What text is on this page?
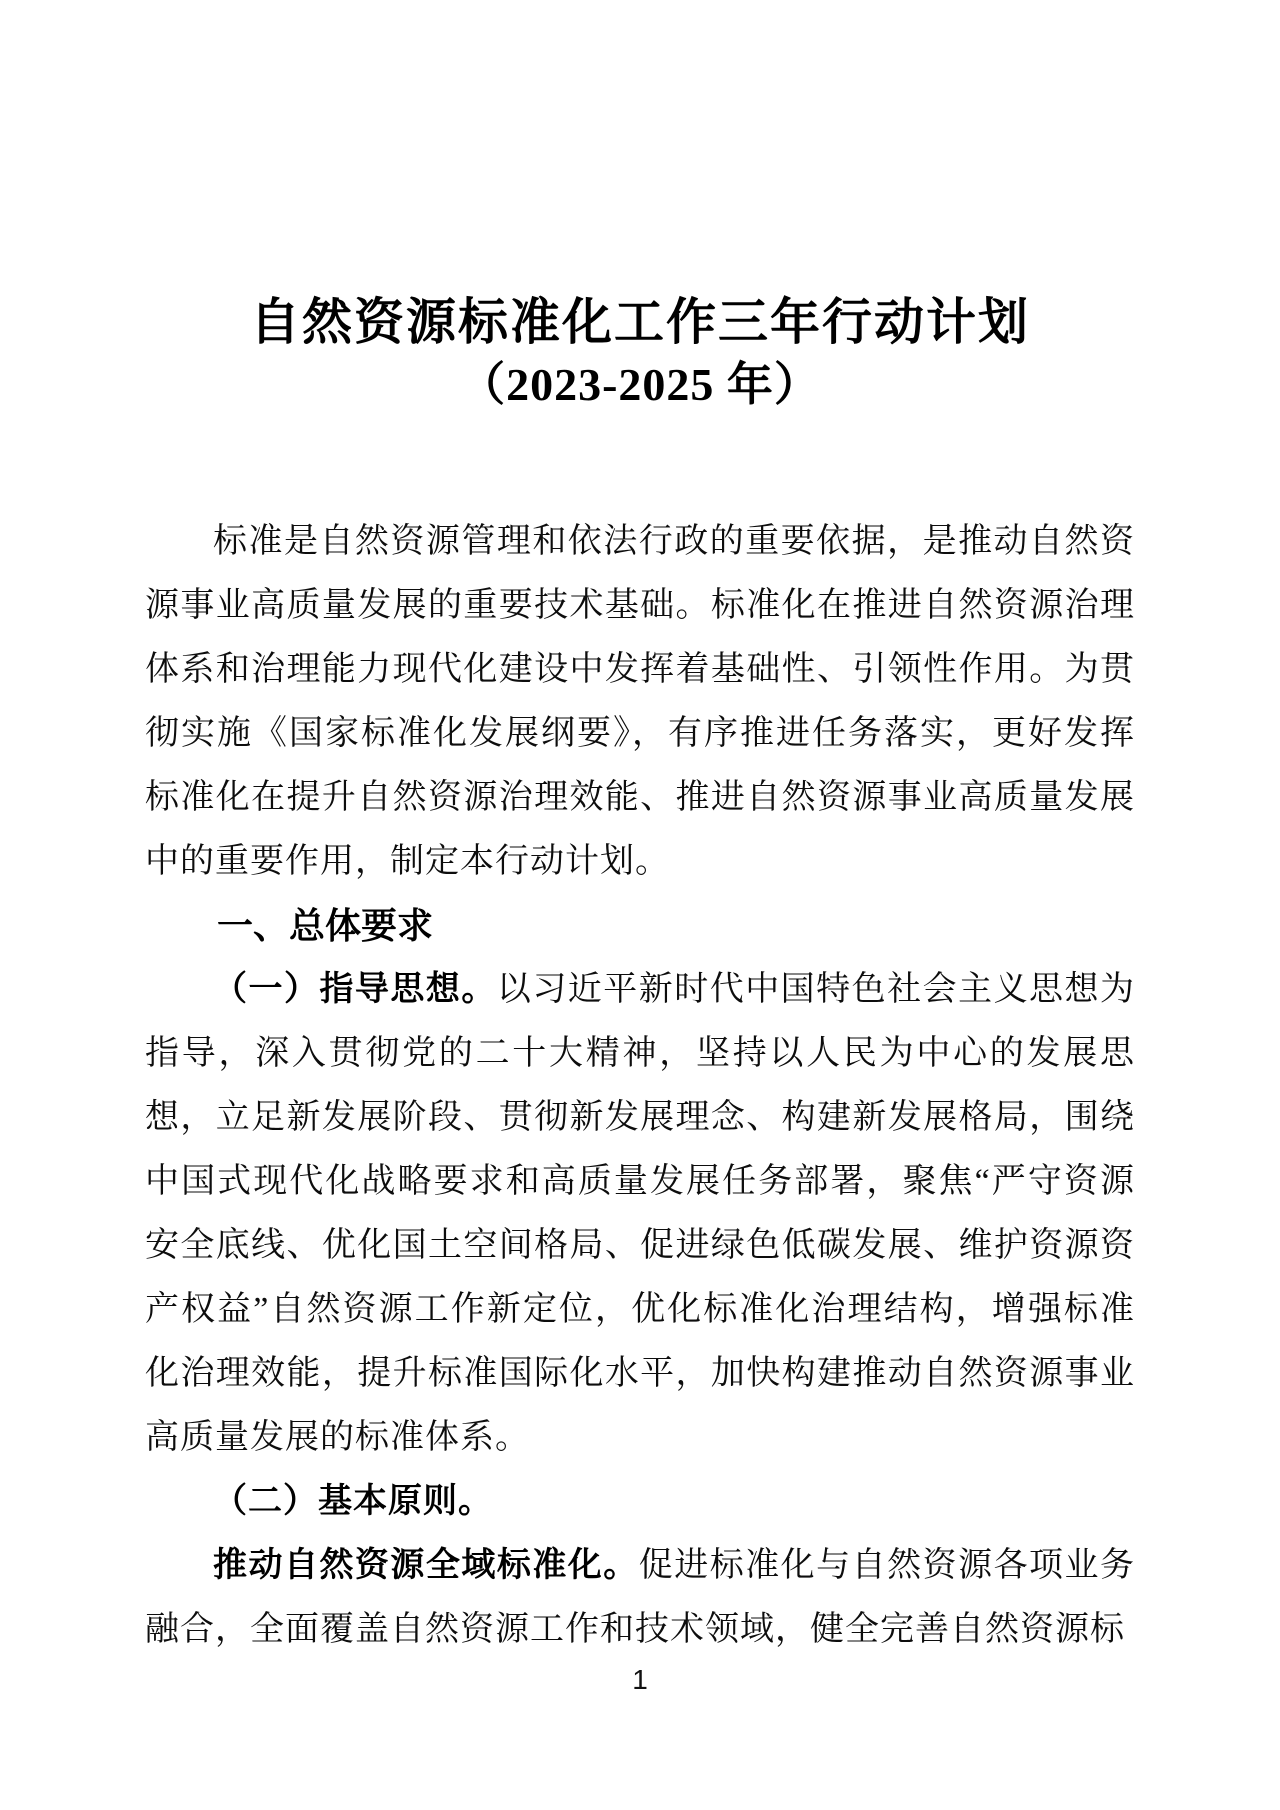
自然资源标准化工作三年行动计划
（2023-2025 年）

标准是自然资源管理和依法行政的重要依据，是推动自然资源事业高质量发展的重要技术基础。标准化在推进自然资源治理体系和治理能力现代化建设中发挥着基础性、引领性作用。为贯彻实施《国家标准化发展纲要》，有序推进任务落实，更好发挥标准化在提升自然资源治理效能、推进自然资源事业高质量发展中的重要作用，制定本行动计划。

一、总体要求

（一）指导思想。以习近平新时代中国特色社会主义思想为指导，深入贯彻党的二十大精神，坚持以人民为中心的发展思想，立足新发展阶段、贯彻新发展理念、构建新发展格局，围绕中国式现代化战略要求和高质量发展任务部署，聚焦“严守资源安全底线、优化国土空间格局、促进绿色低碳发展、维护资源资产权益”自然资源工作新定位，优化标准化治理结构，增强标准化治理效能，提升标准国际化水平，加快构建推动自然资源事业高质量发展的标准体系。

（二）基本原则。

推动自然资源全域标准化。促进标准化与自然资源各项业务融合，全面覆盖自然资源工作和技术领域，健全完善自然资源标

1
